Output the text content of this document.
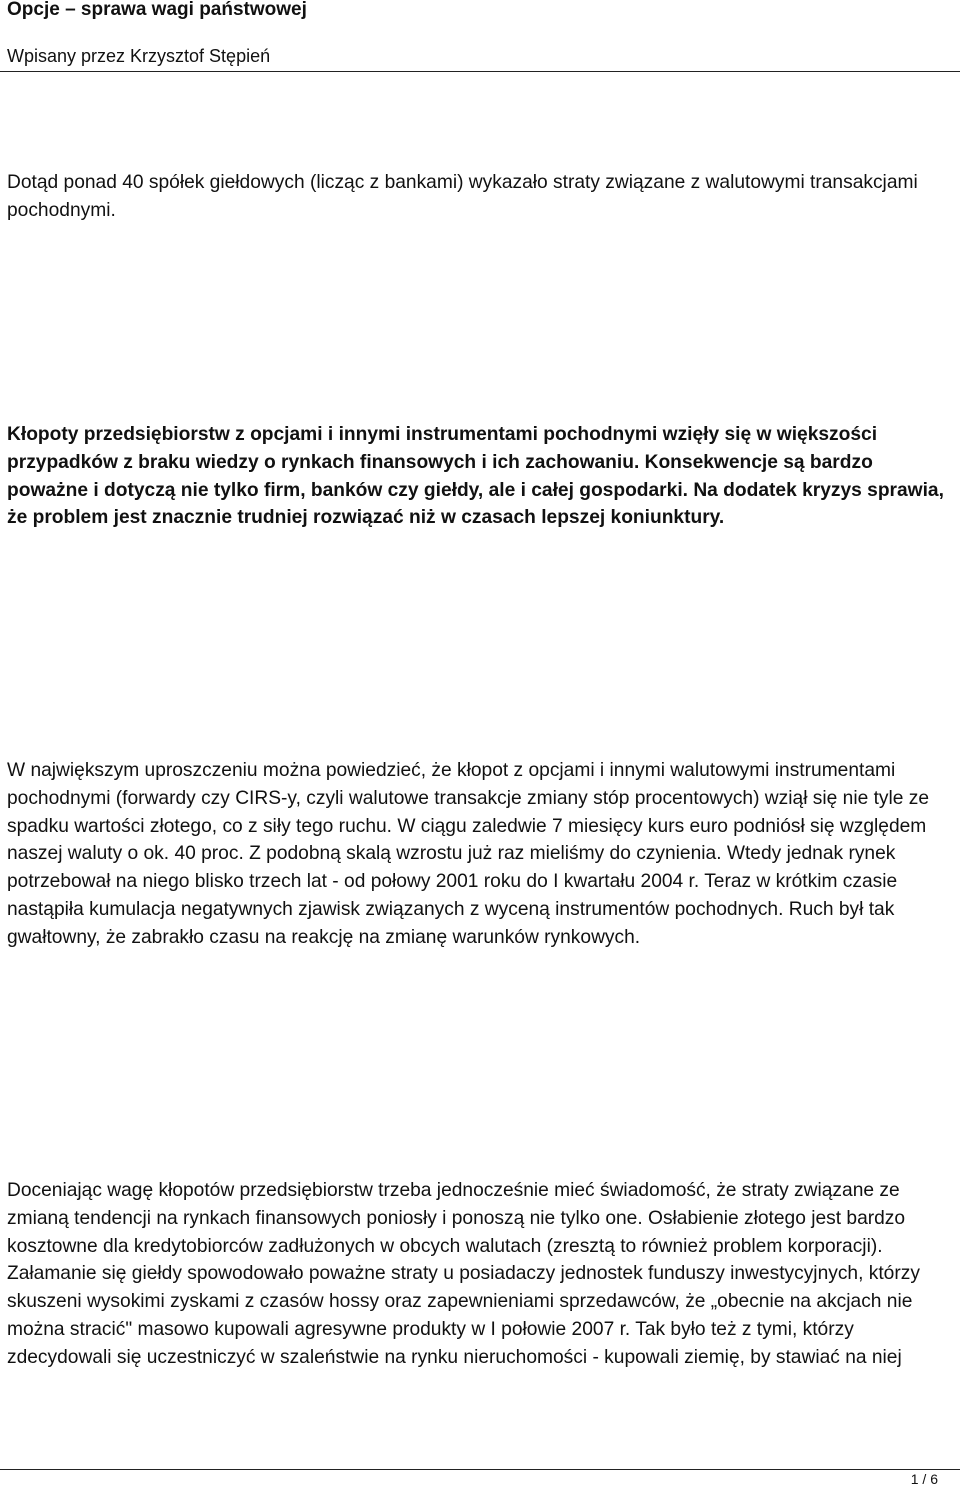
Opcje – sprawa wagi państwowej
Wpisany przez Krzysztof Stępień

Dotąd ponad 40 spółek giełdowych (licząc z bankami) wykazało straty związane z walutowymi transakcjami pochodnymi.

Kłopoty przedsiębiorstw z opcjami i innymi instrumentami pochodnymi wzięły się w większości przypadków z braku wiedzy o rynkach finansowych i ich zachowaniu. Konsekwencje są bardzo poważne i dotyczą nie tylko firm, banków czy giełdy, ale i całej gospodarki. Na dodatek kryzys sprawia, że problem jest znacznie trudniej rozwiązać niż w czasach lepszej koniunktury.

W największym uproszczeniu można powiedzieć, że kłopot z opcjami i innymi walutowymi instrumentami pochodnymi (forwardy czy CIRS-y, czyli walutowe transakcje zmiany stóp procentowych) wziął się nie tyle ze spadku wartości złotego, co z siły tego ruchu. W ciągu zaledwie 7 miesięcy kurs euro podniósł się względem naszej waluty o ok. 40 proc. Z podobną skalą wzrostu już raz mieliśmy do czynienia. Wtedy jednak rynek potrzebował na niego blisko trzech lat - od połowy 2001 roku do I kwartału 2004 r. Teraz w krótkim czasie nastąpiła kumulacja negatywnych zjawisk związanych z wyceną instrumentów pochodnych. Ruch był tak gwałtowny, że zabrakło czasu na reakcję na zmianę warunków rynkowych.

Doceniając wagę kłopotów przedsiębiorstw trzeba jednocześnie mieć świadomość, że straty związane ze zmianą tendencji na rynkach finansowych poniosły i ponoszą nie tylko one. Osłabienie złotego jest bardzo kosztowne dla kredytobiorców zadłużonych w obcych walutach (zresztą to również problem korporacji). Załamanie się giełdy spowodowało poważne straty u posiadaczy jednostek funduszy inwestycyjnych, którzy skuszeni wysokimi zyskami z czasów hossy oraz zapewnieniami sprzedawców, że „obecnie na akcjach nie można stracić" masowo kupowali agresywne produkty w I połowie 2007 r. Tak było też z tymi, którzy zdecydowali się uczestniczyć w szaleństwie na rynku nieruchomości - kupowali ziemię, by stawiać na niej

1 / 6
